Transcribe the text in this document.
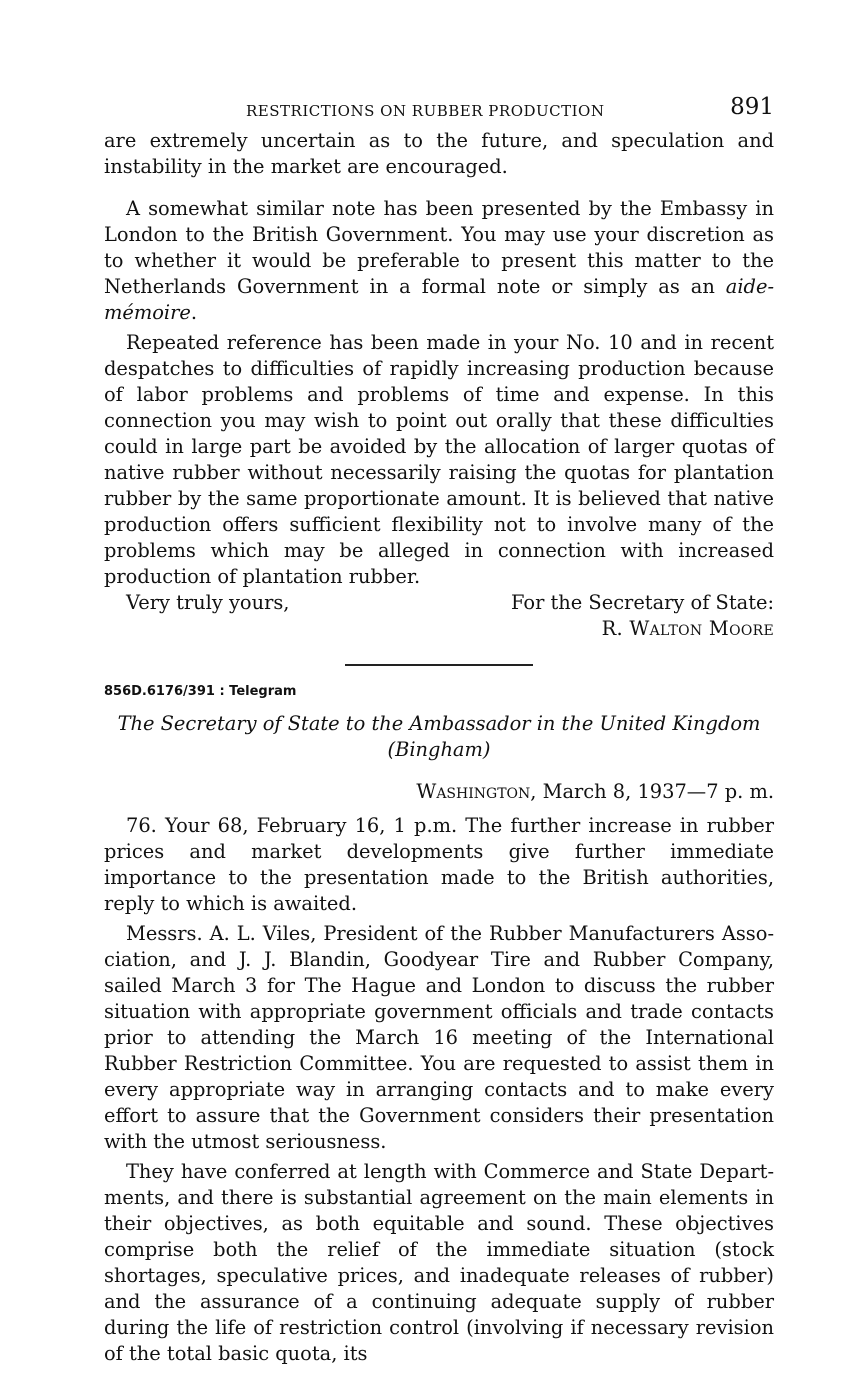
RESTRICTIONS ON RUBBER PRODUCTION	891

are extremely uncertain as to the future, and speculation and instability in the market are encouraged.

A somewhat similar note has been presented by the Embassy in London to the British Government. You may use your discretion as to whether it would be preferable to present this matter to the Netherlands Government in a formal note or simply as an aide-mémoire.

Repeated reference has been made in your No. 10 and in recent despatches to difficulties of rapidly increasing production because of labor problems and problems of time and expense. In this connection you may wish to point out orally that these difficulties could in large part be avoided by the allocation of larger quotas of native rubber without necessarily raising the quotas for plantation rubber by the same proportionate amount. It is believed that native production offers sufficient flexibility not to involve many of the problems which may be alleged in connection with increased production of plantation rubber.

Very truly yours,	For the Secretary of State:
R. Walton Moore
856D.6176/391 : Telegram
The Secretary of State to the Ambassador in the United Kingdom
(Bingham)
Washington, March 8, 1937—7 p. m.

76. Your 68, February 16, 1 p.m. The further increase in rubber prices and market developments give further immediate importance to the presentation made to the British authorities, reply to which is awaited.

Messrs. A. L. Viles, President of the Rubber Manufacturers Association, and J. J. Blandin, Goodyear Tire and Rubber Company, sailed March 3 for The Hague and London to discuss the rubber situation with appropriate government officials and trade contacts prior to attending the March 16 meeting of the International Rubber Restriction Committee. You are requested to assist them in every appropriate way in arranging contacts and to make every effort to assure that the Government considers their presentation with the utmost seriousness.

They have conferred at length with Commerce and State Departments, and there is substantial agreement on the main elements in their objectives, as both equitable and sound. These objectives comprise both the relief of the immediate situation (stock shortages, speculative prices, and inadequate releases of rubber) and the assurance of a continuing adequate supply of rubber during the life of restriction control (involving if necessary revision of the total basic quota, its
